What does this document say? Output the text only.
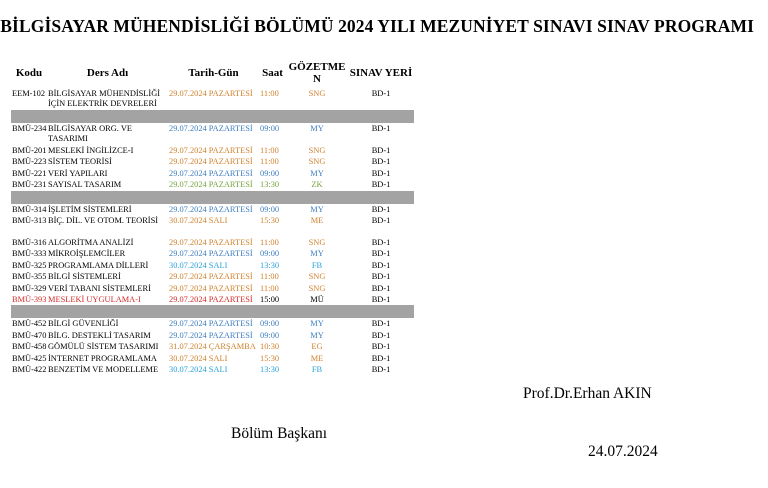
BİLGİSAYAR MÜHENDİSLİĞİ BÖLÜMÜ 2024 YILI MEZUNİYET SINAVI SINAV PROGRAMI
Kodu	Ders Adı	Tarih-Gün	Saat	GÖZETMEN	SINAV YERİ
EEM-102	BİLGİSAYAR MÜHENDİSLİĞİ İÇİN ELEKTRİK DEVRELERİ	29.07.2024 PAZARTESİ	11:00	SNG	BD-1

BMÜ-234	BİLGİSAYAR ORG. VE TASARIMI	29.07.2024 PAZARTESİ	09:00	MY	BD-1
BMÜ-201	MESLEKİ İNGİLİZCE-I	29.07.2024 PAZARTESİ	11:00	SNG	BD-1
BMÜ-223	SİSTEM TEORİSİ	29.07.2024 PAZARTESİ	11:00	SNG	BD-1
BMÜ-221	VERİ YAPILARI	29.07.2024 PAZARTESİ	09:00	MY	BD-1
BMÜ-231	SAYISAL TASARIM	29.07.2024 PAZARTESİ	13:30	ZK	BD-1

BMÜ-314	İŞLETİM SİSTEMLERİ	29.07.2024 PAZARTESİ	09:00	MY	BD-1
BMÜ-313	BİÇ. DİL. VE OTOM. TEORİSİ	30.07.2024 SALI	15:30	ME	BD-1
BMÜ-316	ALGORİTMA ANALİZİ	29.07.2024 PAZARTESİ	11:00	SNG	BD-1
BMÜ-333	MİKROİŞLEMCİLER	29.07.2024 PAZARTESİ	09:00	MY	BD-1
BMÜ-325	PROGRAMLAMA DİLLERİ	30.07.2024 SALI	13:30	FB	BD-1
BMÜ-355	BİLGİ SİSTEMLERİ	29.07.2024 PAZARTESİ	11:00	SNG	BD-1
BMÜ-329	VERİ TABANI SİSTEMLERİ	29.07.2024 PAZARTESİ	11:00	SNG	BD-1
BMÜ-393	MESLEKİ UYGULAMA-I	29.07.2024 PAZARTESİ	15:00	MÜ	BD-1

BMÜ-452	BİLGİ GÜVENLİĞİ	29.07.2024 PAZARTESİ	09:00	MY	BD-1
BMÜ-470	BİLG. DESTEKLİ TASARIM	29.07.2024 PAZARTESİ	09:00	MY	BD-1
BMÜ-458	GÖMÜLÜ SİSTEM TASARIMI	31.07.2024 ÇARŞAMBA	10:30	EG	BD-1
BMÜ-425	İNTERNET PROGRAMLAMA	30.07.2024 SALI	15:30	ME	BD-1
BMÜ-422	BENZETİM VE MODELLEME	30.07.2024 SALI	13:30	FB	BD-1
Prof.Dr.Erhan AKIN
Bölüm Başkanı
24.07.2024
